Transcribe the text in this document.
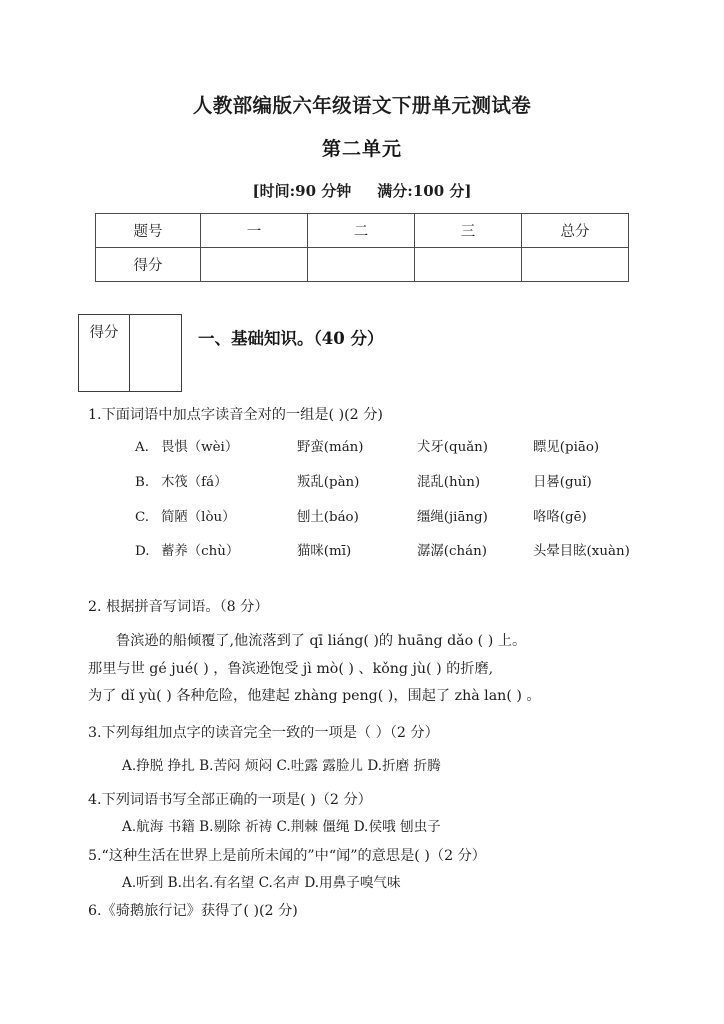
人教部编版六年级语文下册单元测试卷
第二单元
[时间:90 分钟 满分:100 分]
题号	一	二	三	总分
得分				
得分	一、基础知识。（40 分）
1.下面词语中加点字读音全对的一组是( )(2 分)
A. 畏惧（wèi）	野蛮(mán)	犬牙(quǎn)	瞟见(piāo)
B. 木筏（fá）	叛乱(pàn)	混乱(hùn)	日晷(guǐ)
C. 简陋（lòu）	刨土(báo)	缰绳(jiāng)	咯咯(gē)
D. 蓄养（chù）	猫咪(mī)	潺潺(chán)	头晕目眩(xuàn)
2. 根据拼音写词语。（8 分）
鲁滨逊的船倾覆了,他流落到了 qī liáng( )的 huāng dǎo ( ) 上。
那里与世 gé jué( ) ，鲁滨逊饱受 jì mò( ) 、kǒng jù( ) 的折磨,
为了 dǐ yù( ) 各种危险，他建起 zhàng peng( )，围起了 zhà lan( ) 。
3.下列每组加点字的读音完全一致的一项是（ ）（2 分）
A.挣脱 挣扎 B.苦闷 烦闷 C.吐露 露脸儿 D.折磨 折腾
4.下列词语书写全部正确的一项是( )（2 分）
A.航海 书籍 B.剔除 祈祷 C.荆棘 僵绳 D.侯哦 刨虫子
5.“这种生活在世界上是前所未闻的”中“闻”的意思是( )（2 分）
A.听到 B.出名.有名望 C.名声 D.用鼻子嗅气味
6.《骑鹅旅行记》获得了( )(2 分)
